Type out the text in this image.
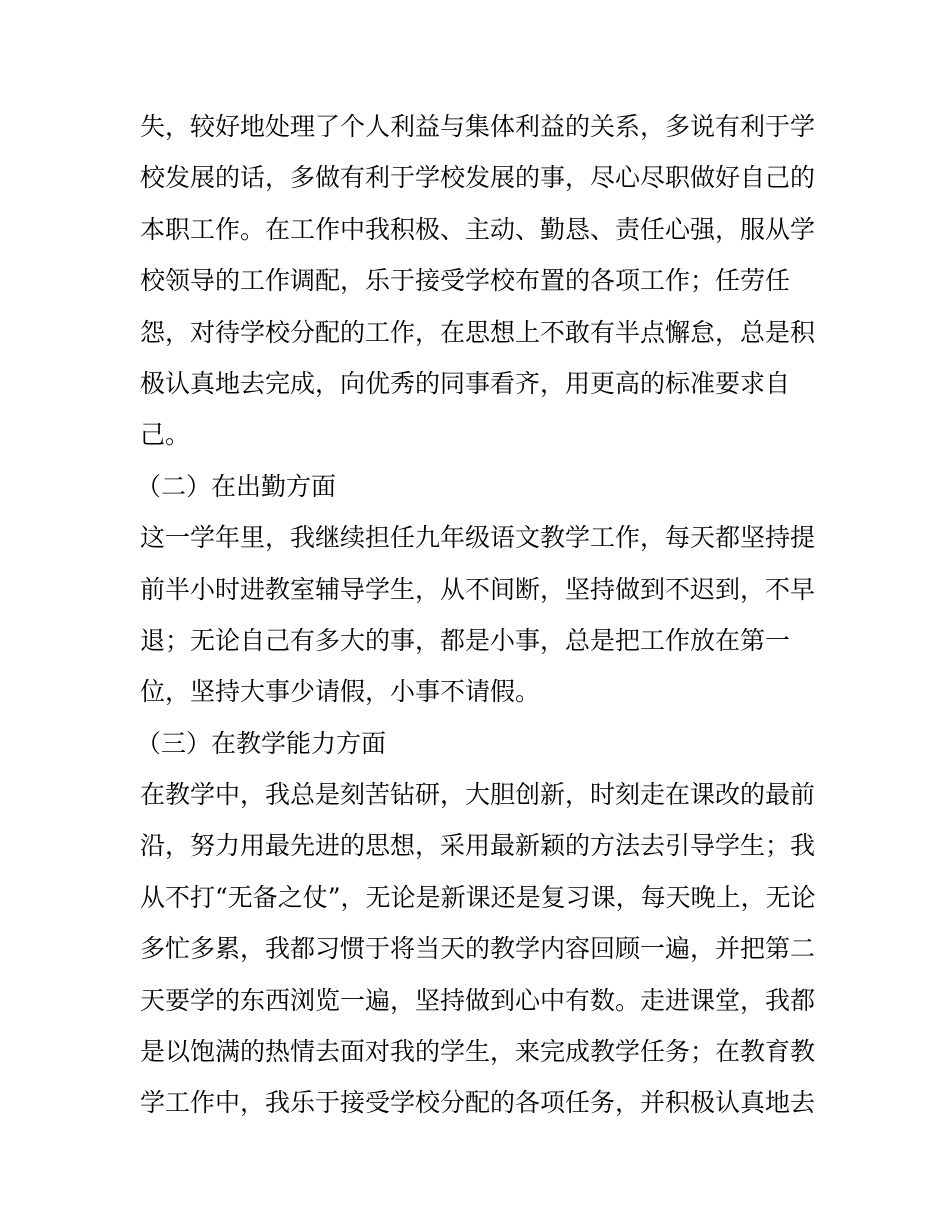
失，较好地处理了个人利益与集体利益的关系，多说有利于学
校发展的话，多做有利于学校发展的事，尽心尽职做好自己的
本职工作。在工作中我积极、主动、勤恳、责任心强，服从学
校领导的工作调配，乐于接受学校布置的各项工作；任劳任
怨，对待学校分配的工作，在思想上不敢有半点懈怠，总是积
极认真地去完成，向优秀的同事看齐，用更高的标准要求自
己。
（二）在出勤方面
这一学年里，我继续担任九年级语文教学工作，每天都坚持提
前半小时进教室辅导学生，从不间断，坚持做到不迟到，不早
退；无论自己有多大的事，都是小事，总是把工作放在第一
位，坚持大事少请假，小事不请假。
（三）在教学能力方面
在教学中，我总是刻苦钻研，大胆创新，时刻走在课改的最前
沿，努力用最先进的思想，采用最新颖的方法去引导学生；我
从不打“无备之仗”，无论是新课还是复习课，每天晚上，无论
多忙多累，我都习惯于将当天的教学内容回顾一遍，并把第二
天要学的东西浏览一遍，坚持做到心中有数。走进课堂，我都
是以饱满的热情去面对我的学生，来完成教学任务；在教育教
学工作中，我乐于接受学校分配的各项任务，并积极认真地去
